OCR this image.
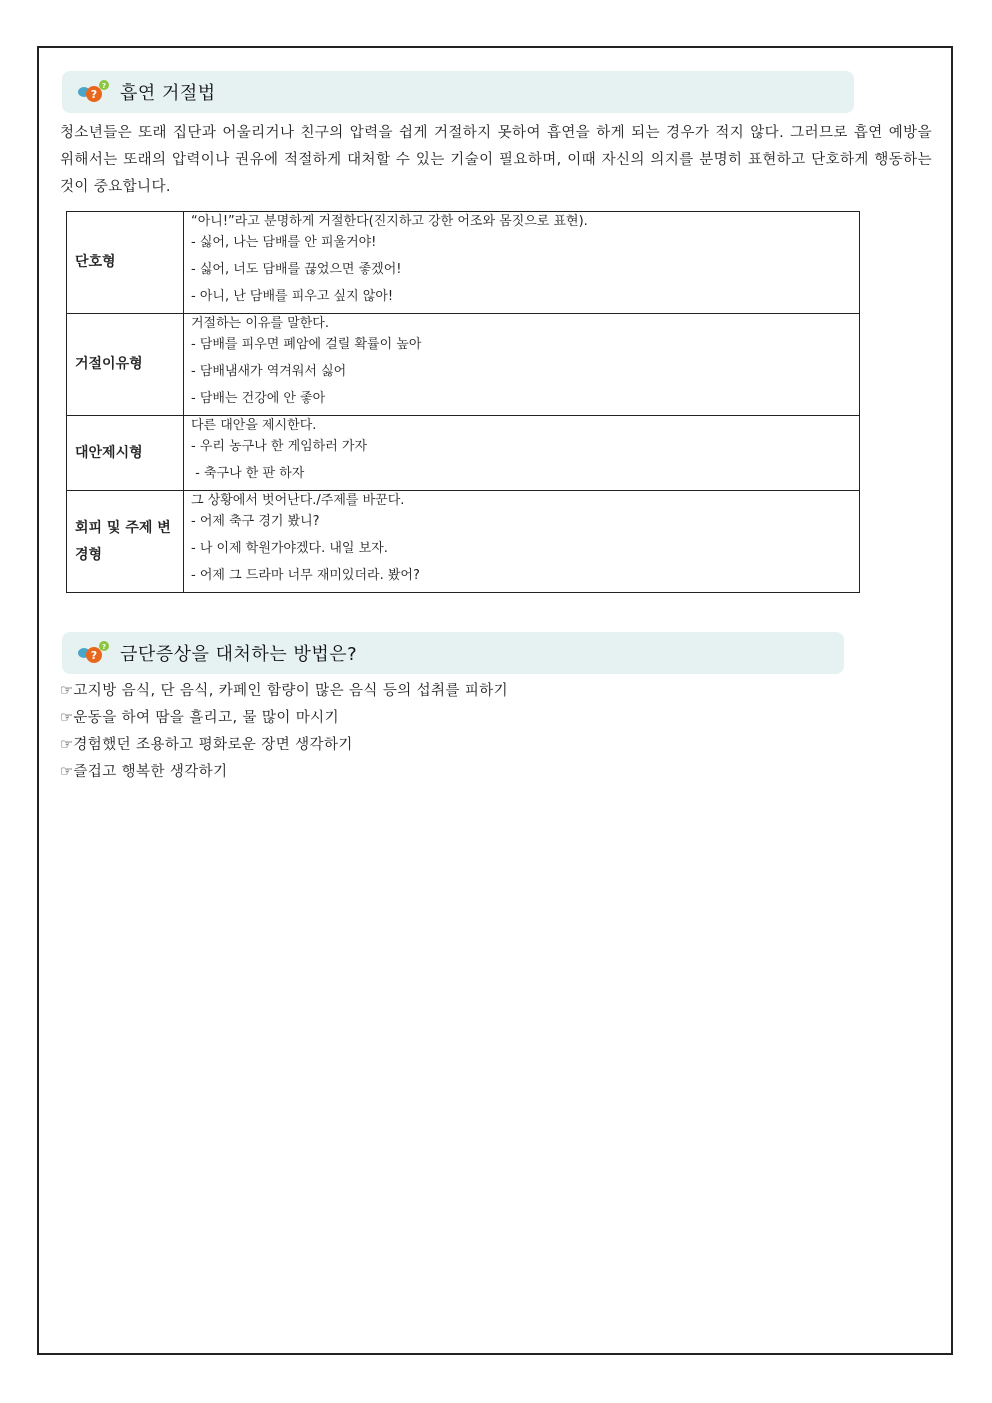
?
? 흡연 거절법

청소년들은 또래 집단과 어울리거나 친구의 압력을 쉽게 거절하지 못하여 흡연을 하게 되는 경우가 적지 않다. 그러므로 흡연 예방을 위해서는 또래의 압력이나 권유에 적절하게 대처할 수 있는 기술이 필요하며, 이때 자신의 의지를 분명히 표현하고 단호하게 행동하는 것이 중요합니다.

단호형	“아니!”라고 분명하게 거절한다(진지하고 강한 어조와 몸짓으로 표현).
- 싫어, 나는 담배를 안 피울거야!
- 싫어, 너도 담배를 끊었으면 좋겠어!
- 아니, 난 담배를 피우고 싶지 않아!

거절이유형	거절하는 이유를 말한다.
- 담배를 피우면 폐암에 걸릴 확률이 높아
- 담배냄새가 역겨워서 싫어
- 담배는 건강에 안 좋아

대안제시형	다른 대안을 제시한다.
- 우리 농구나 한 게임하러 가자
- 축구나 한 판 하자

회피 및 주제 변경형	그 상황에서 벗어난다./주제를 바꾼다.
- 어제 축구 경기 봤니?
- 나 이제 학원가야겠다. 내일 보자.
- 어제 그 드라마 너무 재미있더라. 봤어?
?
? 금단증상을 대처하는 방법은?
☞고지방 음식, 단 음식, 카페인 함량이 많은 음식 등의 섭취를 피하기
☞운동을 하여 땀을 흘리고, 물 많이 마시기
☞경험했던 조용하고 평화로운 장면 생각하기
☞즐겁고 행복한 생각하기
